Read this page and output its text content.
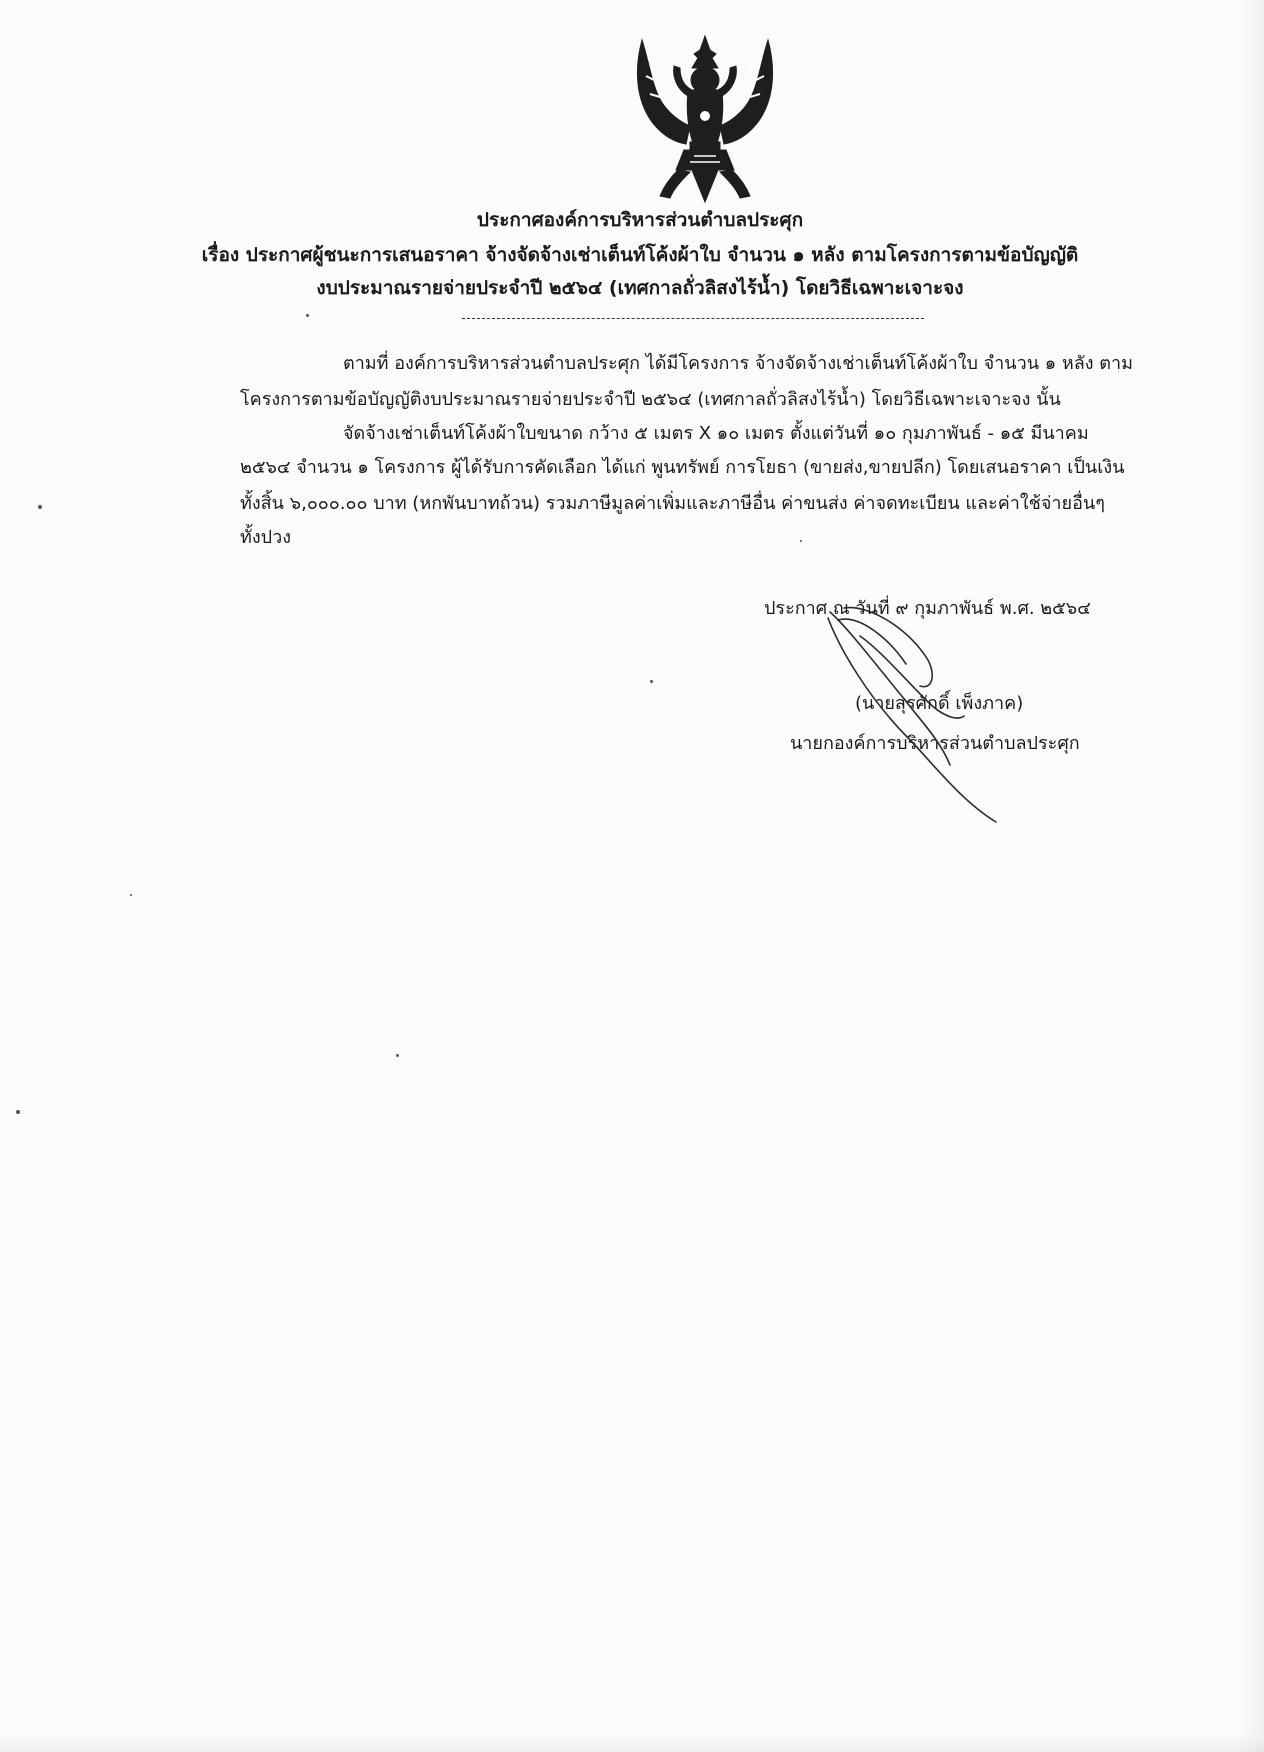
ประกาศองค์การบริหารส่วนตำบลประศุก
เรื่อง ประกาศผู้ชนะการเสนอราคา จ้างจัดจ้างเช่าเต็นท์โค้งผ้าใบ จำนวน ๑ หลัง ตามโครงการตามข้อบัญญัติ
งบประมาณรายจ่ายประจำปี ๒๕๖๔ (เทศกาลถั่วลิสงไร้น้ำ) โดยวิธีเฉพาะเจาะจง
ตามที่ องค์การบริหารส่วนตำบลประศุก ได้มีโครงการ จ้างจัดจ้างเช่าเต็นท์โค้งผ้าใบ จำนวน ๑ หลัง ตาม
โครงการตามข้อบัญญัติงบประมาณรายจ่ายประจำปี ๒๕๖๔ (เทศกาลถั่วลิสงไร้น้ำ) โดยวิธีเฉพาะเจาะจง นั้น
จัดจ้างเช่าเต็นท์โค้งผ้าใบขนาด กว้าง ๕ เมตร X ๑๐ เมตร ตั้งแต่วันที่ ๑๐ กุมภาพันธ์ - ๑๕ มีนาคม
๒๕๖๔ จำนวน ๑ โครงการ ผู้ได้รับการคัดเลือก ได้แก่ พูนทรัพย์ การโยธา (ขายส่ง,ขายปลีก) โดยเสนอราคา เป็นเงิน
ทั้งสิ้น ๖,๐๐๐.๐๐ บาท (หกพันบาทถ้วน) รวมภาษีมูลค่าเพิ่มและภาษีอื่น ค่าขนส่ง ค่าจดทะเบียน และค่าใช้จ่ายอื่นๆ
ทั้งปวง
ประกาศ ณ วันที่ ๙ กุมภาพันธ์ พ.ศ. ๒๕๖๔
(นายสุรศักดิ์ เพ็งภาค)
นายกองค์การบริหารส่วนตำบลประศุก
